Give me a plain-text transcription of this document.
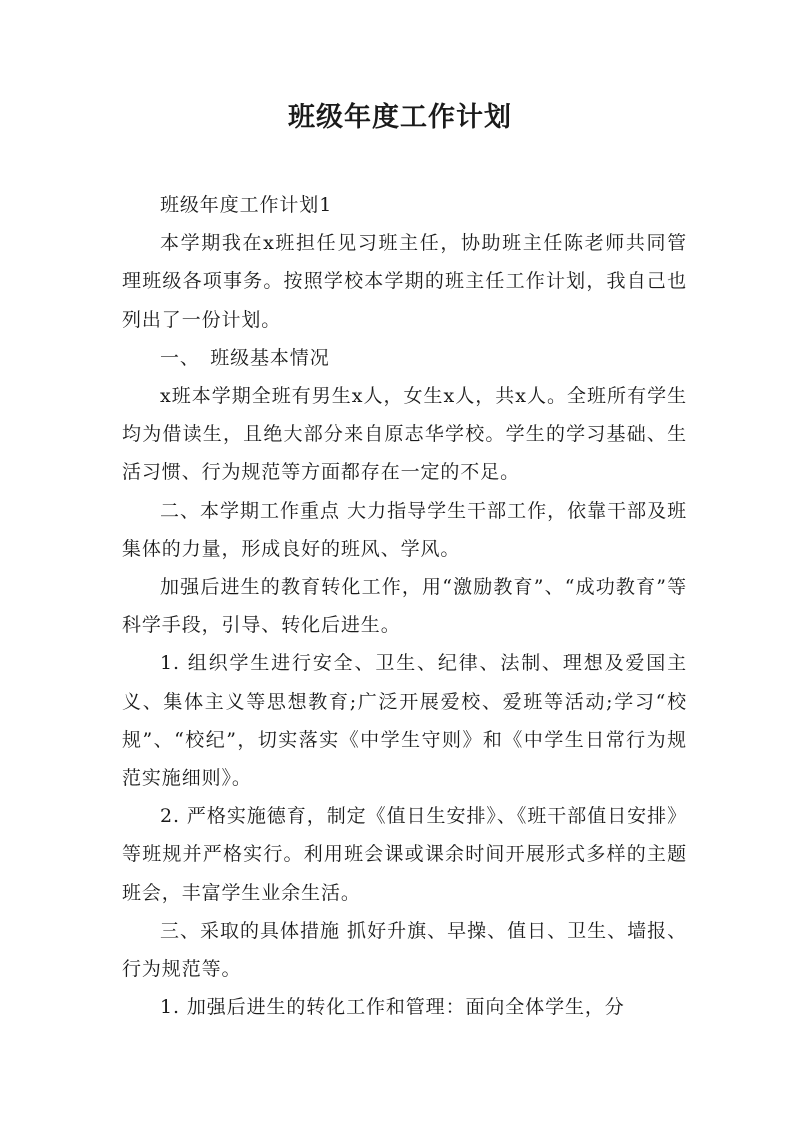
班级年度工作计划

班级年度工作计划1

本学期我在x班担任见习班主任，协助班主任陈老师共同管理班级各项事务。按照学校本学期的班主任工作计划，我自己也列出了一份计划。

一、　班级基本情况

x班本学期全班有男生x人，女生x人，共x人。全班所有学生均为借读生，且绝大部分来自原志华学校。学生的学习基础、生活习惯、行为规范等方面都存在一定的不足。

二、本学期工作重点 大力指导学生干部工作，依靠干部及班集体的力量，形成良好的班风、学风。

加强后进生的教育转化工作，用“激励教育”、“成功教育”等科学手段，引导、转化后进生。

1. 组织学生进行安全、卫生、纪律、法制、理想及爱国主义、集体主义等思想教育;广泛开展爱校、爱班等活动;学习“校规”、“校纪”，切实落实《中学生守则》和《中学生日常行为规范实施细则》。

2. 严格实施德育，制定《值日生安排》、《班干部值日安排》等班规并严格实行。利用班会课或课余时间开展形式多样的主题班会，丰富学生业余生活。

三、采取的具体措施 抓好升旗、早操、值日、卫生、墙报、行为规范等。

1. 加强后进生的转化工作和管理：面向全体学生，分
